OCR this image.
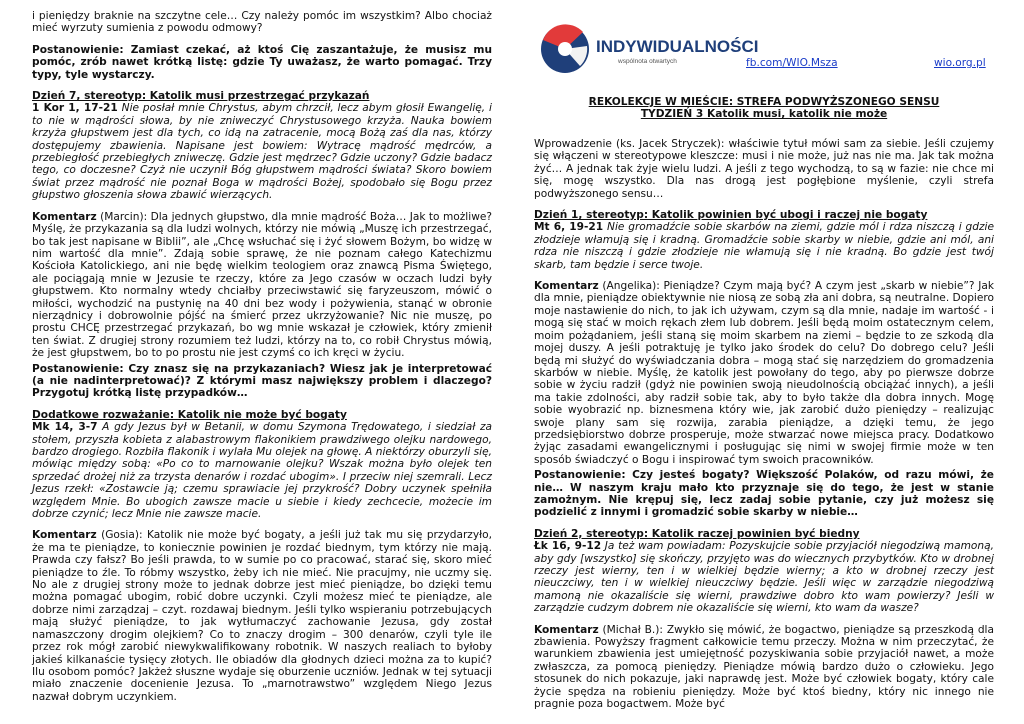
i pieniędzy braknie na szczytne cele… Czy należy pomóc im wszystkim? Albo chociaż mieć wyrzuty sumienia z powodu odmowy?

Postanowienie: Zamiast czekać, aż ktoś Cię zaszantażuje, że musisz mu pomóc, zrób nawet krótką listę: gdzie Ty uważasz, że warto pomagać. Trzy typy, tyle wystarczy.

Dzień 7, stereotyp: Katolik musi przestrzegać przykazań
1 Kor 1, 17-21 Nie posłał mnie Chrystus, abym chrzcił, lecz abym głosił Ewangelię, i to nie w mądrości słowa, by nie zniweczyć Chrystusowego krzyża. Nauka bowiem krzyża głupstwem jest dla tych, co idą na zatracenie, mocą Bożą zaś dla nas, którzy dostępujemy zbawienia. Napisane jest bowiem: Wytracę mądrość mędrców, a przebiegłość przebiegłych zniweczę. Gdzie jest mędrzec? Gdzie uczony? Gdzie badacz tego, co doczesne? Czyż nie uczynił Bóg głupstwem mądrości świata? Skoro bowiem świat przez mądrość nie poznał Boga w mądrości Bożej, spodobało się Bogu przez głupstwo głoszenia słowa zbawić wierzących.

Komentarz (Marcin): Dla jednych głupstwo, dla mnie mądrość Boża… Jak to możliwe? Myślę, że przykazania są dla ludzi wolnych, którzy nie mówią „Muszę ich przestrzegać, bo tak jest napisane w Biblii”, ale „Chcę wsłuchać się i żyć słowem Bożym, bo widzę w nim wartość dla mnie”. Zdają sobie sprawę, że nie poznam całego Katechizmu Kościoła Katolickiego, ani nie będę wielkim teologiem oraz znawcą Pisma Świętego, ale pociągają mnie w Jezusie te rzeczy, które za Jego czasów w oczach ludzi były głupstwem. Kto normalny wtedy chciałby przeciwstawić się faryzeuszom, mówić o miłości, wychodzić na pustynię na 40 dni bez wody i pożywienia, stanąć w obronie nierządnicy i dobrowolnie pójść na śmierć przez ukrzyżowanie? Nic nie muszę, po prostu CHCĘ przestrzegać przykazań, bo wg mnie wskazał je człowiek, który zmienił ten świat. Z drugiej strony rozumiem też ludzi, którzy na to, co robił Chrystus mówią, że jest głupstwem, bo to po prostu nie jest czymś co ich kręci w życiu.

Postanowienie: Czy znasz się na przykazaniach? Wiesz jak je interpretować (a nie nadinterpretować)? Z którymi masz największy problem i dlaczego? Przygotuj krótką listę przypadków…

Dodatkowe rozważanie: Katolik nie może być bogaty
Mk 14, 3-7 A gdy Jezus był w Betanii, w domu Szymona Trędowatego, i siedział za stołem, przyszła kobieta z alabastrowym flakonikiem prawdziwego olejku nardowego, bardzo drogiego. Rozbiła flakonik i wylała Mu olejek na głowę. A niektórzy oburzyli się, mówiąc między sobą: «Po co to marnowanie olejku? Wszak można było olejek ten sprzedać drożej niż za trzysta denarów i rozdać ubogim». I przeciw niej szemrali. Lecz Jezus rzekł: «Zostawcie ją; czemu sprawiacie jej przykrość? Dobry uczynek spełniła względem Mnie. Bo ubogich zawsze macie u siebie i kiedy zechcecie, możecie im dobrze czynić; lecz Mnie nie zawsze macie.

Komentarz (Gosia): Katolik nie może być bogaty, a jeśli już tak mu się przydarzyło, że ma te pieniądze, to koniecznie powinien je rozdać biednym, tym którzy nie mają. Prawda czy fałsz? Bo jeśli prawda, to w sumie po co pracować, starać się, skoro mieć pieniądze to źle. To róbmy wszystko, żeby ich nie mieć. Nie pracujmy, nie uczmy się. No ale z drugiej strony może to jednak dobrze jest mieć pieniądze, bo dzięki temu można pomagać ubogim, robić dobre uczynki. Czyli możesz mieć te pieniądze, ale dobrze nimi zarządzaj – czyt. rozdawaj biednym. Jeśli tylko wspieraniu potrzebujących mają służyć pieniądze, to jak wytłumaczyć zachowanie Jezusa, gdy został namaszczony drogim olejkiem? Co to znaczy drogim – 300 denarów, czyli tyle ile przez rok mógł zarobić niewykwalifikowany robotnik. W naszych realiach to byłoby jakieś kilkanaście tysięcy złotych. Ile obiadów dla głodnych dzieci można za to kupić? Ilu osobom pomóc? Jakżeż słuszne wydaje się oburzenie uczniów. Jednak w tej sytuacji miało znaczenie docenienie Jezusa. To „marnotrawstwo” względem Niego Jezus nazwał dobrym uczynkiem.

INDYWIDUALNOŚCI
wspólnota otwartych	fb.com/WIO.Msza	wio.org.pl
REKOLEKCJE W MIEŚCIE: STREFA PODWYŻSZONEGO SENSU
TYDZIEŃ 3 Katolik musi, katolik nie może

Wprowadzenie (ks. Jacek Stryczek): właściwie tytuł mówi sam za siebie. Jeśli czujemy się włączeni w stereotypowe kleszcze: musi i nie może, już nas nie ma. Jak tak można żyć… A jednak tak żyje wielu ludzi. A jeśli z tego wychodzą, to są w fazie: nie chce mi się, mogę wszystko. Dla nas drogą jest pogłębione myślenie, czyli strefa podwyższonego sensu…

Dzień 1, stereotyp: Katolik powinien być ubogi i raczej nie bogaty
Mt 6, 19-21 Nie gromadźcie sobie skarbów na ziemi, gdzie mól i rdza niszczą i gdzie złodzieje włamują się i kradną. Gromadźcie sobie skarby w niebie, gdzie ani mól, ani rdza nie niszczą i gdzie złodzieje nie włamują się i nie kradną. Bo gdzie jest twój skarb, tam będzie i serce twoje.

Komentarz (Angelika): Pieniądze? Czym mają być? A czym jest „skarb w niebie”? Jak dla mnie, pieniądze obiektywnie nie niosą ze sobą zła ani dobra, są neutralne. Dopiero moje nastawienie do nich, to jak ich używam, czym są dla mnie, nadaje im wartość - i mogą się stać w moich rękach złem lub dobrem. Jeśli będą moim ostatecznym celem, moim pożądaniem, jeśli staną się moim skarbem na ziemi – będzie to ze szkodą dla mojej duszy. A jeśli potraktuję je tylko jako środek do celu? Do dobrego celu? Jeśli będą mi służyć do wyświadczania dobra – mogą stać się narzędziem do gromadzenia skarbów w niebie. Myślę, że katolik jest powołany do tego, aby po pierwsze dobrze sobie w życiu radził (gdyż nie powinien swoją nieudolnością obciążać innych), a jeśli ma takie zdolności, aby radził sobie tak, aby to było także dla dobra innych. Mogę sobie wyobrazić np. biznesmena który wie, jak zarobić dużo pieniędzy – realizując swoje plany sam się rozwija, zarabia pieniądze, a dzięki temu, że jego przedsiębiorstwo dobrze prosperuje, może stwarzać nowe miejsca pracy. Dodatkowo żyjąc zasadami ewangelicznymi i posługując się nimi w swojej firmie może w ten sposób świadczyć o Bogu i inspirować tym swoich pracowników.

Postanowienie: Czy jesteś bogaty? Większość Polaków, od razu mówi, że nie… W naszym kraju mało kto przyznaje się do tego, że jest w stanie zamożnym. Nie krępuj się, lecz zadaj sobie pytanie, czy już możesz się podzielić z innymi i gromadzić sobie skarby w niebie…

Dzień 2, stereotyp: Katolik raczej powinien być biedny
Łk 16, 9-12 Ja też wam powiadam: Pozyskujcie sobie przyjaciół niegodziwą mamoną, aby gdy [wszystko] się skończy, przyjęto was do wiecznych przybytków. Kto w drobnej rzeczy jest wierny, ten i w wielkiej będzie wierny; a kto w drobnej rzeczy jest nieuczciwy, ten i w wielkiej nieuczciwy będzie. Jeśli więc w zarządzie niegodziwą mamoną nie okazaliście się wierni, prawdziwe dobro kto wam powierzy? Jeśli w zarządzie cudzym dobrem nie okazaliście się wierni, kto wam da wasze?

Komentarz (Michał B.): Zwykło się mówić, że bogactwo, pieniądze są przeszkodą dla zbawienia. Powyższy fragment całkowicie temu przeczy. Można w nim przeczytać, że warunkiem zbawienia jest umiejętność pozyskiwania sobie przyjaciół nawet, a może zwłaszcza, za pomocą pieniędzy. Pieniądze mówią bardzo dużo o człowieku. Jego stosunek do nich pokazuje, jaki naprawdę jest. Może być człowiek bogaty, który cale życie spędza na robieniu pieniędzy. Może być ktoś biedny, który nic innego nie pragnie poza bogactwem. Może być
